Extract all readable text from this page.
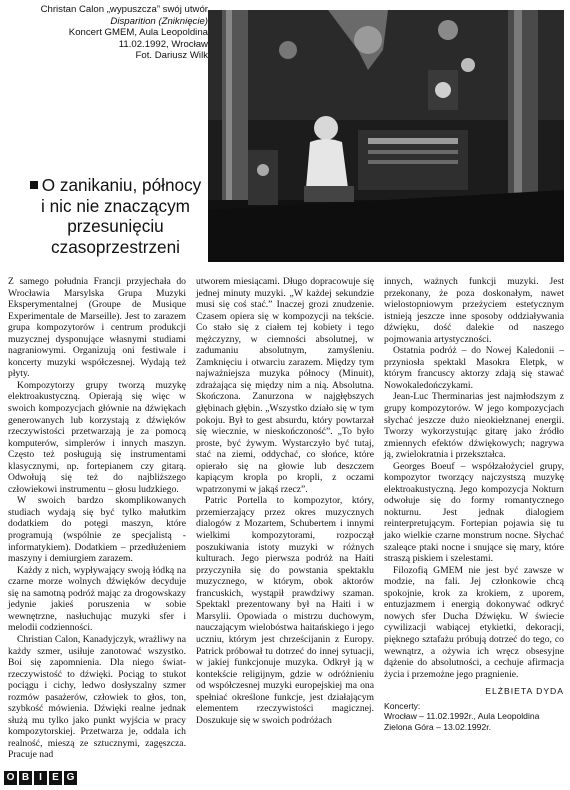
Christan Calon „wypuszcza” swój utwór
Disparition (Zniknięcie)
Koncert GMEM, Aula Leopoldina
11.02.1992, Wrocław
Fot. Dariusz Wilk
O zanikaniu, północy
i nic nie znaczącym
przesunięciu
czasoprzestrzeni

Z samego południa Francji przyjechała do Wrocławia Marsylska Grupa Muzyki Eksperymentalnej (Groupe de Musique Experimentale de Marseille). Jest to zarazem grupa kompozytorów i centrum produkcji muzycznej dysponujące własnymi studiami nagraniowymi. Organizują oni festiwale i koncerty muzyki współczesnej. Wydają też płyty.

Kompozytorzy grupy tworzą muzykę elektroakustyczną. Opierają się więc w swoich kompozycjach głównie na dźwiękach generowanych lub korzystają z dźwięków rzeczywistości przetwarzają je za pomocą komputerów, simplerów i innych maszyn. Często też posługują się instrumentami klasycznymi, np. fortepianem czy gitarą. Odwołują się też do najbliższego człowiekowi instrumentu – głosu ludzkiego.

W swoich bardzo skomplikowanych studiach wydają się być tylko małutkim dodatkiem do potęgi maszyn, które programują (wspólnie ze specjalistą -informatykiem). Dodatkiem – przedłużeniem maszyny i demiurgiem zarazem.

Każdy z nich, wypływający swoją łódką na czarne morze wolnych dźwięków decyduje się na samotną podróż mając za drogowskazy jedynie jakieś poruszenia w sobie wewnętrzne, nasłuchując muzyki sfer i melodii codzienności.

Christian Calon, Kanadyjczyk, wrażliwy na każdy szmer, usiłuje zanotować wszystko. Boi się zapomnienia. Dla niego świat-rzeczywistość to dźwięki. Pociąg to stukot pociągu i cichy, ledwo dosłyszalny szmer rozmów pasażerów, człowiek to głos, ton, szybkość mówienia. Dźwięki realne jednak służą mu tylko jako punkt wyjścia w pracy kompozytorskiej. Przetwarza je, oddala ich realność, mieszą ze sztucznymi, zagęszcza. Pracuje nad

utworem miesiącami. Długo dopracowuje się jednej minuty muzyki. „W każdej sekundzie musi się coś stać.” Inaczej grozi znudzenie. Czasem opiera się w kompozycji na tekście. Co stało się z ciałem tej kobiety i tego mężczyzny, w ciemności absolutnej, w zadumaniu absolutnym, zamyśleniu. Zamknięciu i otwarciu zarazem. Między tym najważniejsza muzyka północy (Minuit), zdrażająca się między nim a nią. Absolutna. Skończona. Zanurzona w najgłębszych głębinach głębin. „Wszystko działo się w tym pokoju. Był to gest absurdu, który powtarzał się wiecznie, w nieskończoność”. „To było proste, być żywym. Wystarczyło być tutaj, stać na ziemi, oddychać, co słońce, które opierało się na głowie lub deszczem kapiącym kropla po kropli, z oczami wpatrzonymi w jakąś rzecz”.

Patric Portella to kompozytor, który, przemierzający przez okres muzycznych dialogów z Mozartem, Schubertem i innymi wielkimi kompozytorami, rozpoczął poszukiwania istoty muzyki w różnych kulturach. Jego pierwsza podróż na Haiti przyczyniła się do powstania spektaklu muzycznego, w którym, obok aktorów francuskich, wystąpił prawdziwy szaman. Spektakl prezentowany był na Haiti i w Marsylii. Opowiada o mistrzu duchowym, nauczającym wielobóstwa haitańskiego i jego uczniu, którym jest chrześcijanin z Europy. Patrick próbował tu dotrzeć do innej sytuacji, w jakiej funkcjonuje muzyka. Odkrył ją w kontekście religijnym, gdzie w odróżnieniu od współczesnej muzyki europejskiej ma ona spełniać określone funkcje, jest działającym elementem rzeczywistości magicznej. Doszukuje się w swoich podróżach

innych, ważnych funkcji muzyki. Jest przekonany, że poza doskonałym, nawet wielostopniowym przeżyciem estetycznym istnieją jeszcze inne sposoby oddziaływania dźwięku, dość dalekie od naszego pojmowania artystyczności.

Ostatnia podróż – do Nowej Kaledonii – przyniosła spektakl Masokra Eletpk, w którym francuscy aktorzy zdają się stawać Nowokaledończykami.

Jean-Luc Therminarias jest najmłodszym z grupy kompozytorów. W jego kompozycjach słychać jeszcze dużo nieokiełznanej energii. Tworzy wykorzystując gitarę jako źródło zmiennych efektów dźwiękowych; nagrywa ją, zwielokratnia i przekształca.

Georges Boeuf – współzałożyciel grupy, kompozytor tworzący najczystszą muzykę elektroakustyczną. Jego kompozycja Nokturn odwołuje się do formy romantycznego nokturnu. Jest jednak dialogiem reinterpretującym. Fortepian pojawia się tu jako wielkie czarne monstrum nocne. Słychać szaleące ptaki nocne i snujące się mary, które straszą piskiem i szelestami.

Filozofią GMEM nie jest być zawsze w modzie, na fali. Jej członkowie chcą spokojnie, krok za krokiem, z uporem, entuzjazmem i energią dokonywać odkryć nowych sfer Ducha Dźwięku. W świecie cywilizacji wabiącej etykietki, dekoracji, pięknego sztafażu próbują dotrzeć do tego, co wewnątrz, a ożywia ich wręcz obsesyjne dążenie do absolutności, a cechuje afirmacja życia i przemożne jego pragnienie.

ELŻBIETA DYDA
Koncerty:
Wrocław – 11.02.1992r., Aula Leopoldina
Zielona Góra – 13.02.1992r.
O B	I	E G
